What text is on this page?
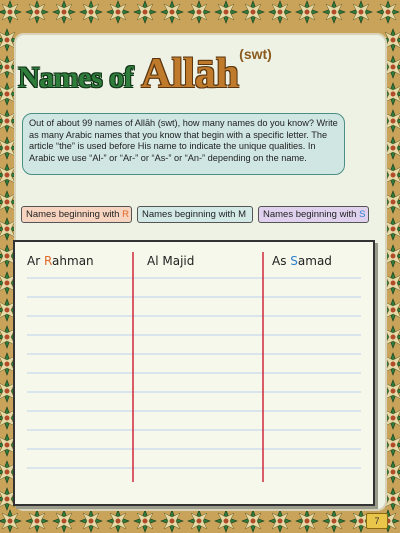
Names of Allāh$^{(swt)}$

Out of about 99 names of Allāh (swt), how many names do you know? Write as many Arabic names that you know that begin with a specific letter. The article “the” is used before His name to indicate the unique qualities. In Arabic we use “Al-” or “Ar-” or “As-” or “An-” depending on the name.

Names beginning with R	Names beginning with M	Names beginning with S
Ar Rahman	Al Majid	As Samad
7
